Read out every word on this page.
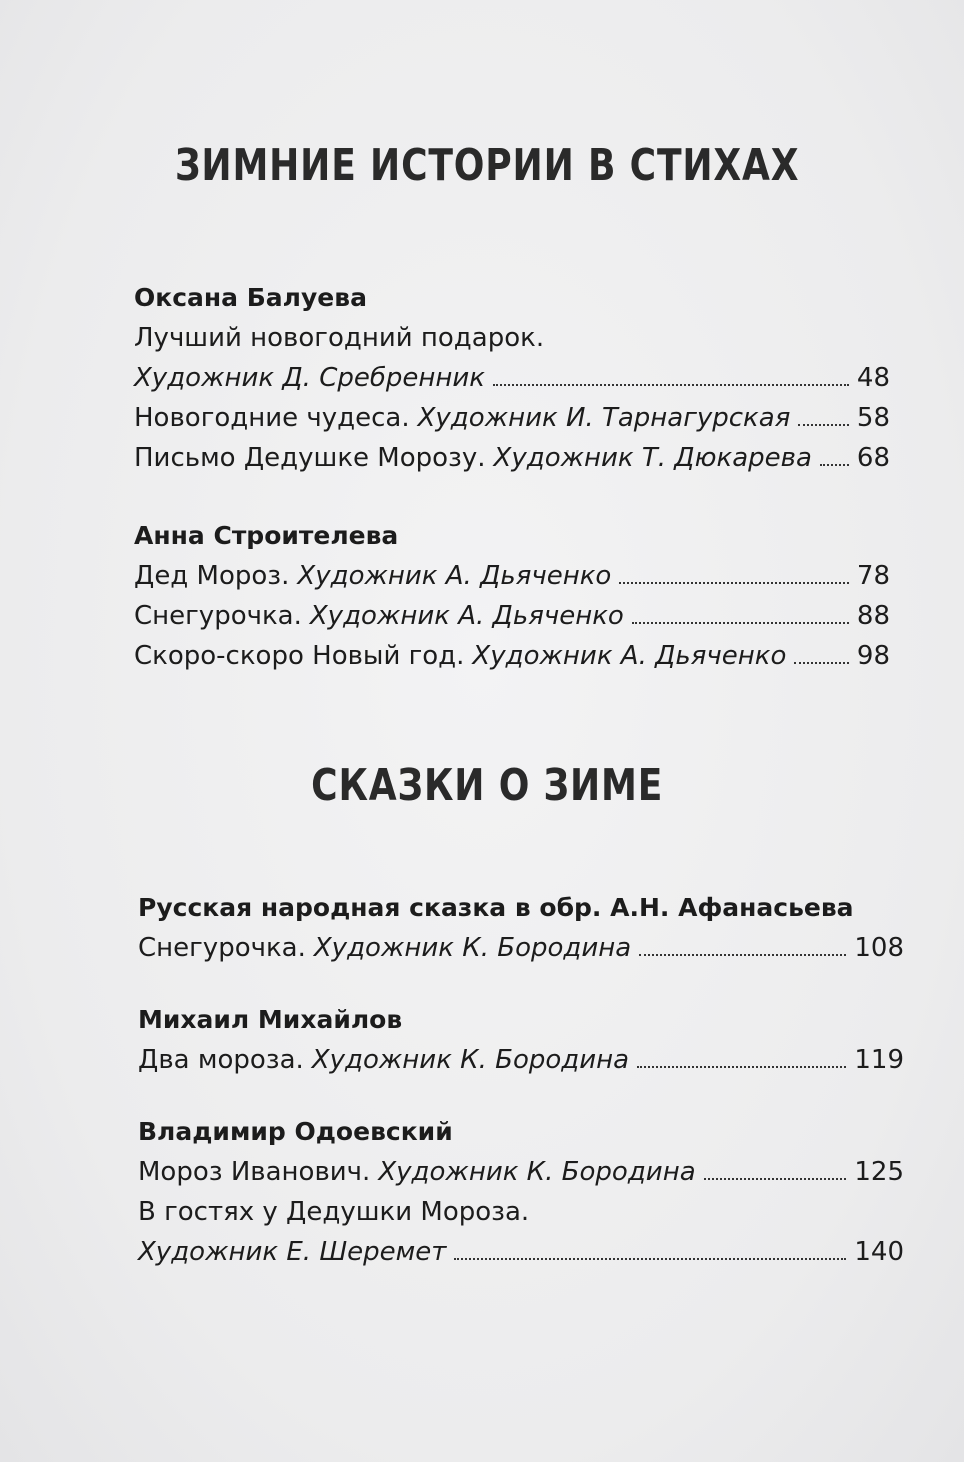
ЗИМНИЕ ИСТОРИИ В СТИХАХ
Оксана Балуева
Лучший новогодний подарок.
Художник Д. Сребренник	48
Новогодние чудеса. Художник И. Тарнагурская	58
Письмо Дедушке Морозу. Художник Т. Дюкарева 68
Анна Строителева
Дед Мороз. Художник А. Дьяченко	78
Снегурочка. Художник А. Дьяченко	88
Скоро-скоро Новый год. Художник А. Дьяченко	98
СКАЗКИ О ЗИМЕ
Русская народная сказка в обр. А.Н. Афанасьева
Снегурочка. Художник К. Бородина	108
Михаил Михайлов
Два мороза. Художник К. Бородина	119
Владимир Одоевский
Мороз Иванович. Художник К. Бородина	125
В гостях у Дедушки Мороза.
Художник Е. Шеремет	140
